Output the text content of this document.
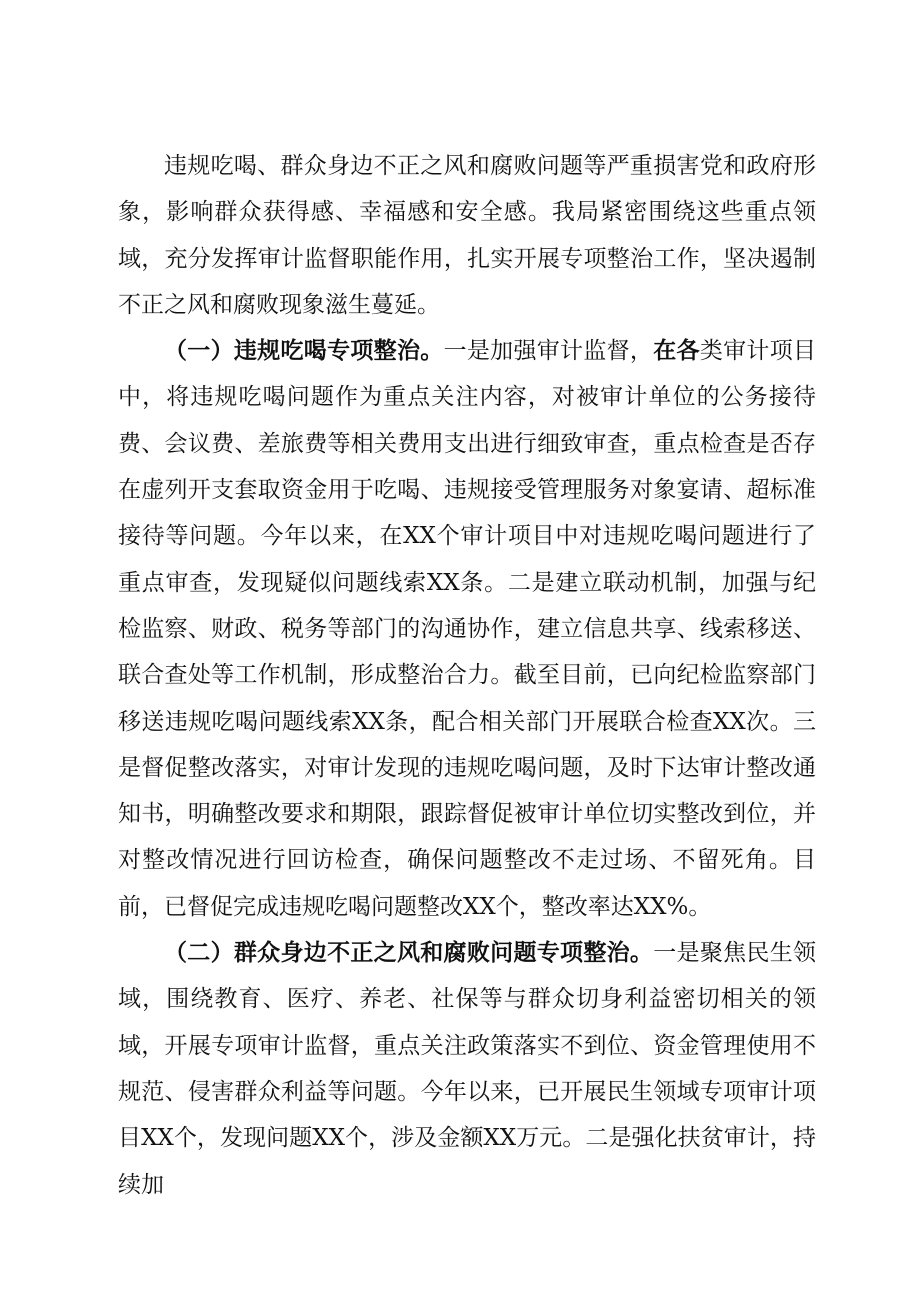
违规吃喝、群众身边不正之风和腐败问题等严重损害党和政府形象，影响群众获得感、幸福感和安全感。我局紧密围绕这些重点领域，充分发挥审计监督职能作用，扎实开展专项整治工作，坚决遏制不正之风和腐败现象滋生蔓延。

（一）违规吃喝专项整治。一是加强审计监督，在各类审计项目中，将违规吃喝问题作为重点关注内容，对被审计单位的公务接待费、会议费、差旅费等相关费用支出进行细致审查，重点检查是否存在虚列开支套取资金用于吃喝、违规接受管理服务对象宴请、超标准接待等问题。今年以来，在XX个审计项目中对违规吃喝问题进行了重点审查，发现疑似问题线索XX条。二是建立联动机制，加强与纪检监察、财政、税务等部门的沟通协作，建立信息共享、线索移送、联合查处等工作机制，形成整治合力。截至目前，已向纪检监察部门移送违规吃喝问题线索XX条，配合相关部门开展联合检查XX次。三是督促整改落实，对审计发现的违规吃喝问题，及时下达审计整改通知书，明确整改要求和期限，跟踪督促被审计单位切实整改到位，并对整改情况进行回访检查，确保问题整改不走过场、不留死角。目前，已督促完成违规吃喝问题整改XX个，整改率达XX%。

（二）群众身边不正之风和腐败问题专项整治。一是聚焦民生领域，围绕教育、医疗、养老、社保等与群众切身利益密切相关的领域，开展专项审计监督，重点关注政策落实不到位、资金管理使用不规范、侵害群众利益等问题。今年以来，已开展民生领域专项审计项目XX个，发现问题XX个，涉及金额XX万元。二是强化扶贫审计，持续加
